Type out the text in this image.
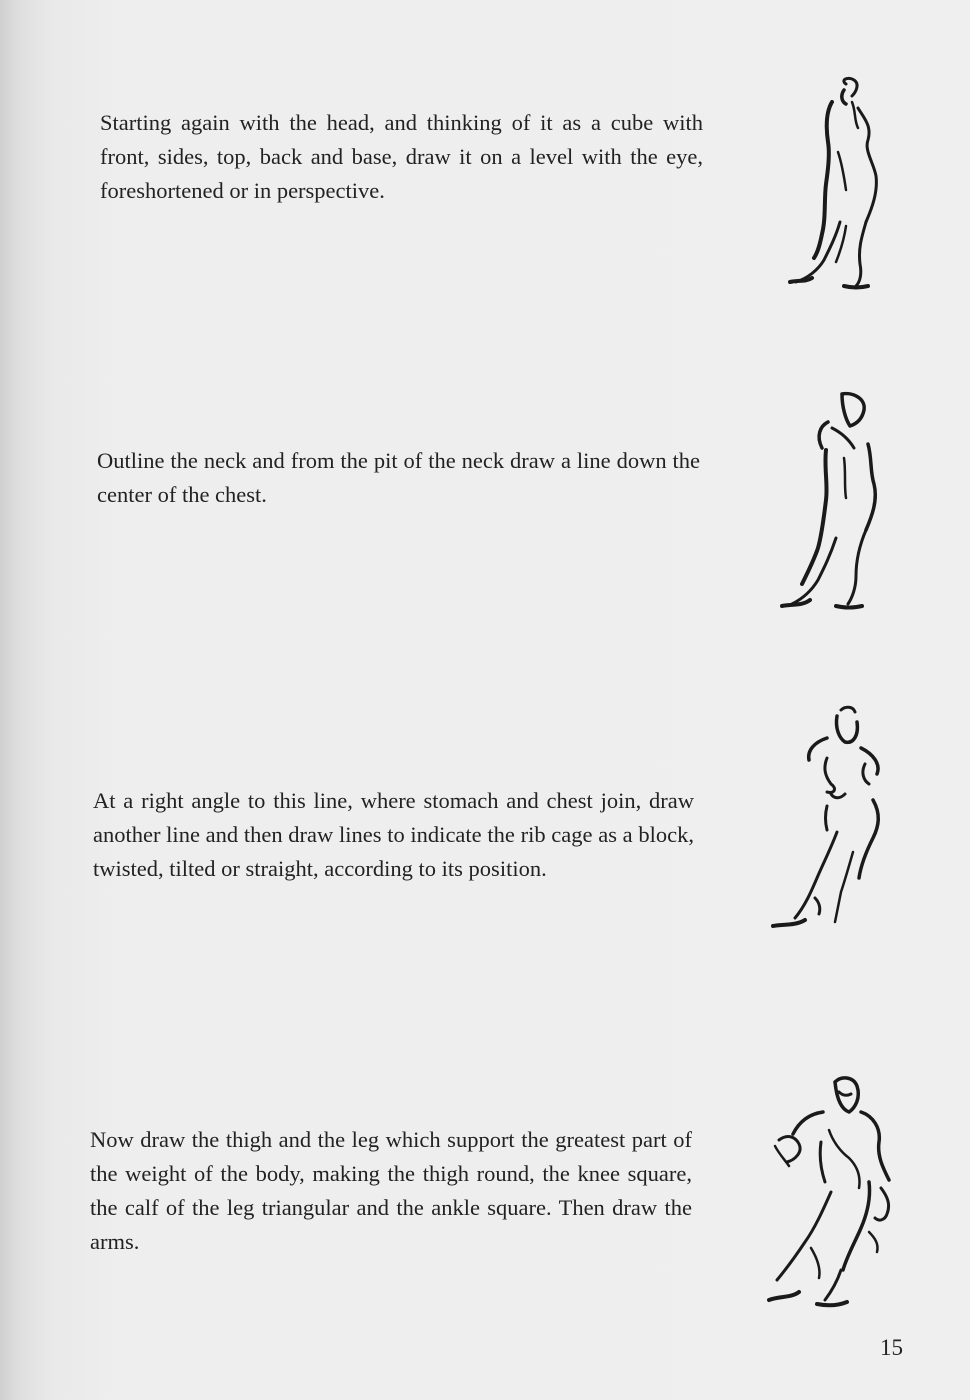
Starting again with the head, and thinking of it as a cube with front, sides, top, back and base, draw it on a level with the eye, foreshortened or in perspective.

Outline the neck and from the pit of the neck draw a line down the center of the chest.

At a right angle to this line, where stomach and chest join, draw another line and then draw lines to indicate the rib cage as a block, twisted, tilted or straight, according to its position.

Now draw the thigh and the leg which support the greatest part of the weight of the body, making the thigh round, the knee square, the calf of the leg triangular and the ankle square. Then draw the arms.

15
